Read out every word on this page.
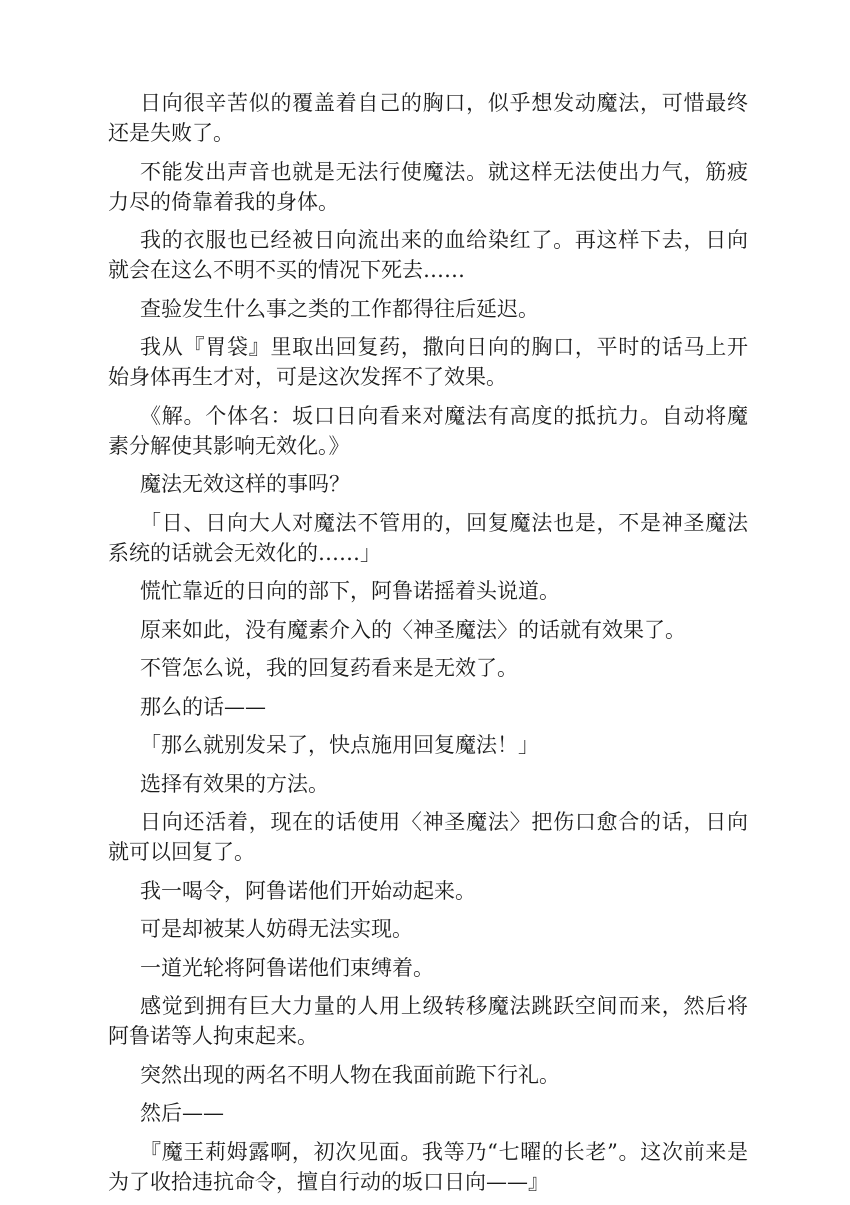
日向很辛苦似的覆盖着自己的胸口，似乎想发动魔法，可惜最终还是失败了。

不能发出声音也就是无法行使魔法。就这样无法使出力气，筋疲力尽的倚靠着我的身体。

我的衣服也已经被日向流出来的血给染红了。再这样下去，日向就会在这么不明不买的情况下死去……

查验发生什么事之类的工作都得往后延迟。

我从『胃袋』里取出回复药，撒向日向的胸口，平时的话马上开始身体再生才对，可是这次发挥不了效果。

《解。个体名：坂口日向看来对魔法有高度的抵抗力。自动将魔素分解使其影响无效化。》

魔法无效这样的事吗？

「日、日向大人对魔法不管用的，回复魔法也是，不是神圣魔法系统的话就会无效化的……」

慌忙靠近的日向的部下，阿鲁诺摇着头说道。

原来如此，没有魔素介入的〈神圣魔法〉的话就有效果了。

不管怎么说，我的回复药看来是无效了。

那么的话——

「那么就别发呆了，快点施用回复魔法！」

选择有效果的方法。

日向还活着，现在的话使用〈神圣魔法〉把伤口愈合的话，日向就可以回复了。

我一喝令，阿鲁诺他们开始动起来。

可是却被某人妨碍无法实现。

一道光轮将阿鲁诺他们束缚着。

感觉到拥有巨大力量的人用上级转移魔法跳跃空间而来，然后将阿鲁诺等人拘束起来。

突然出现的两名不明人物在我面前跪下行礼。

然后——

『魔王莉姆露啊，初次见面。我等乃“七曜的长老”。这次前来是为了收拾违抗命令，擅自行动的坂口日向——』
